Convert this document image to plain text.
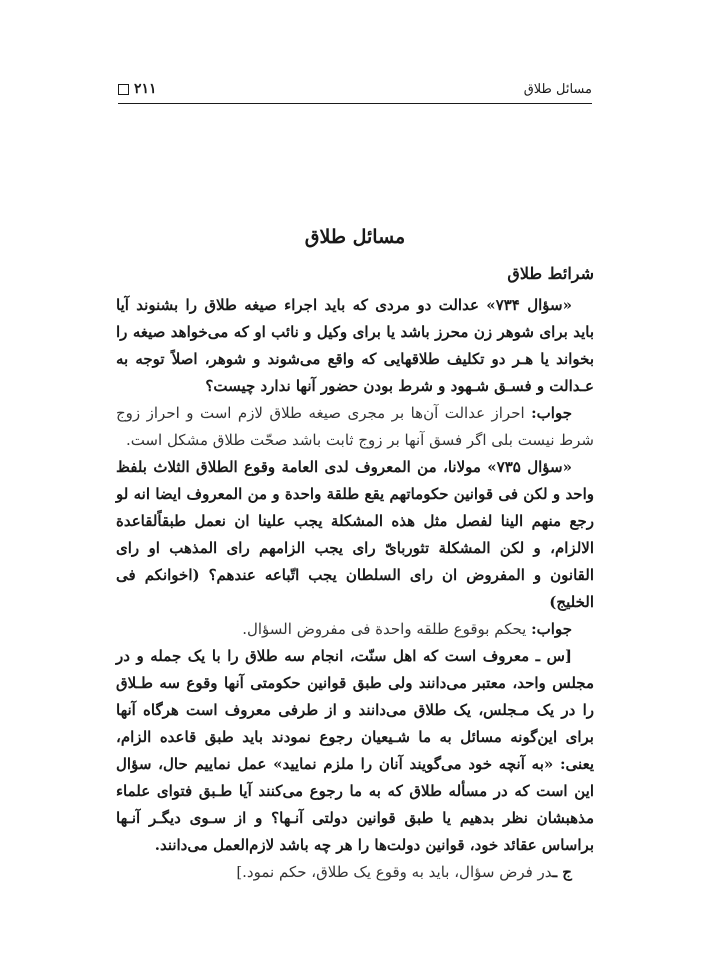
مسائل طلاق
۲۱۱
مسائل طلاق
شرائط طلاق

«سؤال ۷۳۴» عدالت دو مردی که باید اجراء صیغه طلاق را بشنوند آیا باید برای شوهر زن محرز باشد یا برای وکیل و نائب او که می‌خواهد صیغه را بخواند یا هـر دو تکلیف طلاقهایی که واقع می‌شوند و شوهر، اصلاً توجه به عـدالت و فسـق شـهود و شرط بودن حضور آنها ندارد چیست؟

جواب: احراز عدالت آن‌ها بر مجری صیغه طلاق لازم است و احراز زوج شرط نیست بلی اگر فسق آنها بر زوج ثابت باشد صحّت طلاق مشکل است.

«سؤال ۷۳۵» مولانا، من المعروف لدی العامة وقوع الطلاق الثلاث بلفظ واحد و لکن فی قوانین حکوماتهم یقع طلقة واحدة و من المعروف ایضا انه لو رجع منهم الینا لفصل مثل هذه المشکلة یجب علینا ان نعمل طبقاًلقاعدة الالزام، و لکن المشکلة تثوربایّ رای یجب الزامهم رای المذهب او رای القانون و المفروض ان رای السلطان یجب اتّباعه عندهم؟ (اخوانکم فی الخلیج)

جواب: یحکم بوقوع طلقه واحدة فی مفروض السؤال.

[س ـ معروف است که اهل سنّت، انجام سه طلاق را با یک جمله و در مجلس واحد، معتبر می‌دانند ولی طبق قوانین حکومتی آنها وقوع سه طـلاق را در یک مـجلس، یک طلاق می‌دانند و از طرفی معروف است هرگاه آنها برای این‌گونه مسائل به ما شـیعیان رجوع نمودند باید طبق قاعده الزام، یعنی: «به آنچه خود می‌گویند آنان را ملزم نمایید» عمل نماییم حال، سؤال این است که در مسأله طلاق که به ما رجوع می‌کنند آیا طـبق فتوای علماء مذهبشان نظر بدهیم یا طبق قوانین دولتی آنـها؟ و از سـوی دیگـر آنـها براساس عقائد خود، قوانین دولت‌ها را هر چه باشد لازم‌العمل می‌دانند.

ج ـدر فرض سؤال، باید به وقوع یک طلاق، حکم نمود.]
